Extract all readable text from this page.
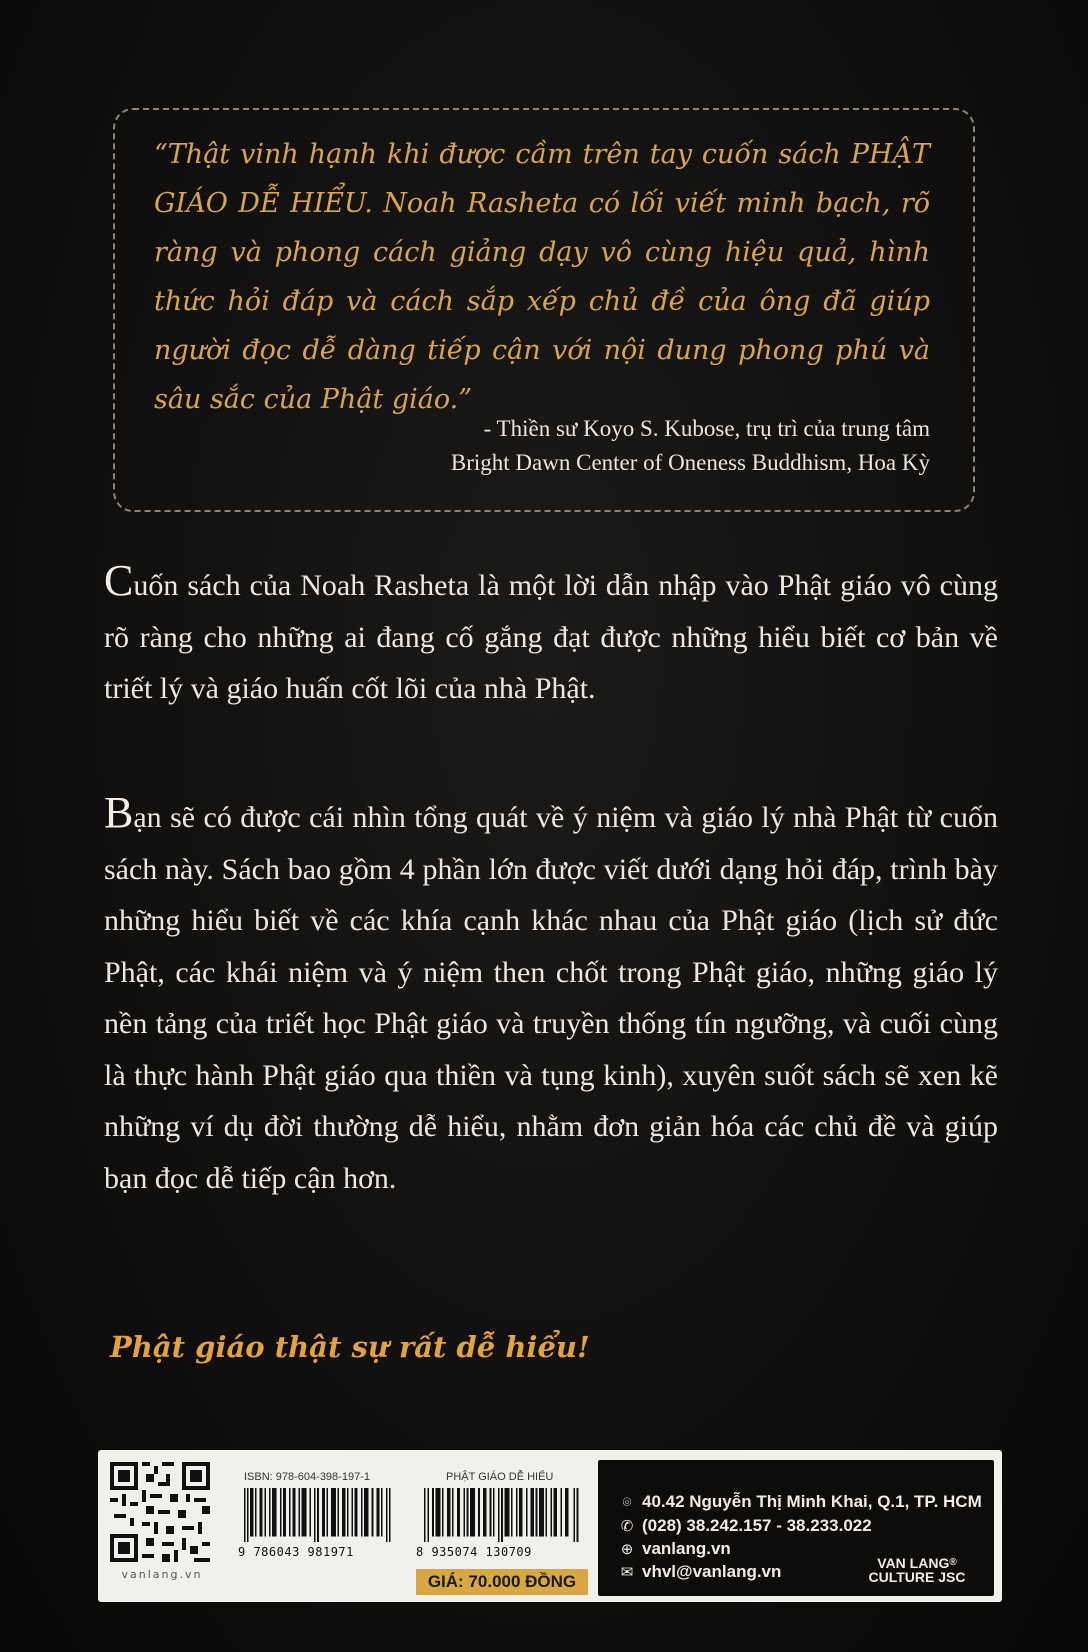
“Thật vinh hạnh khi được cầm trên tay cuốn sách PHẬT GIÁO DỄ HIỂU. Noah Rasheta có lối viết minh bạch, rõ ràng và phong cách giảng dạy vô cùng hiệu quả, hình thức hỏi đáp và cách sắp xếp chủ đề của ông đã giúp người đọc dễ dàng tiếp cận với nội dung phong phú và sâu sắc của Phật giáo.”

- Thiền sư Koyo S. Kubose, trụ trì của trung tâm
Bright Dawn Center of Oneness Buddhism, Hoa Kỳ

Cuốn sách của Noah Rasheta là một lời dẫn nhập vào Phật giáo vô cùng rõ ràng cho những ai đang cố gắng đạt được những hiểu biết cơ bản về triết lý và giáo huấn cốt lõi của nhà Phật.

Bạn sẽ có được cái nhìn tổng quát về ý niệm và giáo lý nhà Phật từ cuốn sách này. Sách bao gồm 4 phần lớn được viết dưới dạng hỏi đáp, trình bày những hiểu biết về các khía cạnh khác nhau của Phật giáo (lịch sử đức Phật, các khái niệm và ý niệm then chốt trong Phật giáo, những giáo lý nền tảng của triết học Phật giáo và truyền thống tín ngưỡng, và cuối cùng là thực hành Phật giáo qua thiền và tụng kinh), xuyên suốt sách sẽ xen kẽ những ví dụ đời thường dễ hiểu, nhằm đơn giản hóa các chủ đề và giúp bạn đọc dễ tiếp cận hơn.

Phật giáo thật sự rất dễ hiểu!

vanlang.vn
ISBN: 978-604-398-197-1	PHẬT GIÁO DỄ HIỂU
9 786043 981971	8 935074 130709
GIÁ: 70.000 ĐỒNG
⌾ 40.42 Nguyễn Thị Minh Khai, Q.1, TP. HCM
✆ (028) 38.242.157 - 38.233.022
⊕ vanlang.vn
✉ vhvl@vanlang.vn	VAN LANG®
CULTURE JSC
